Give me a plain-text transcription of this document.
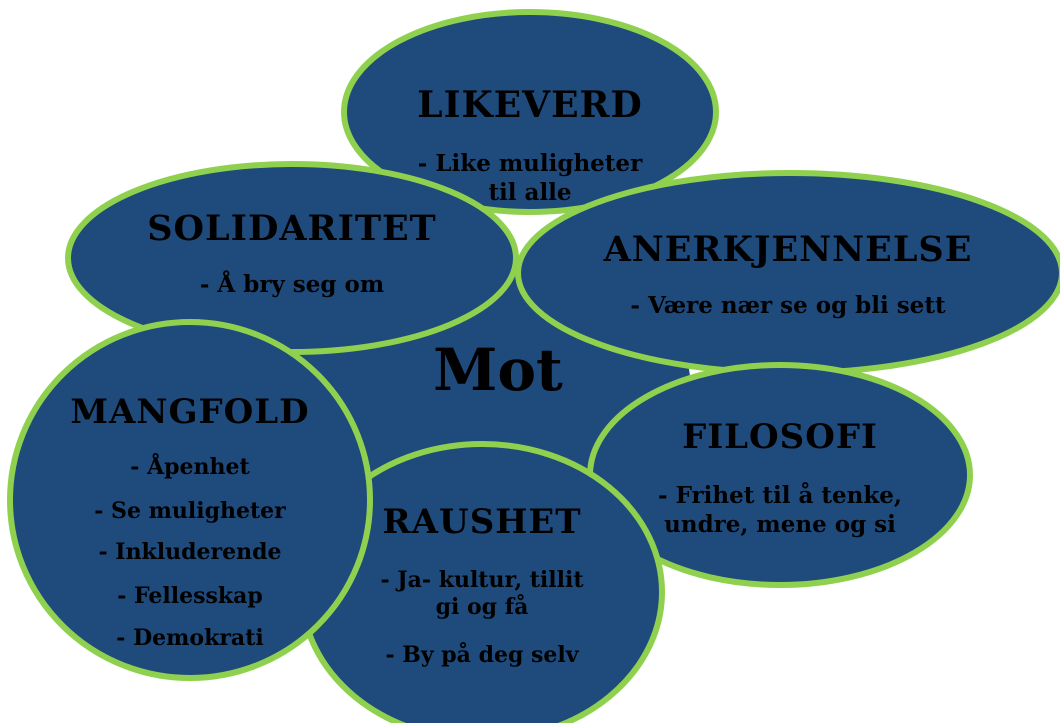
LIKEVERD
- Like muligheter
til alle
SOLIDARITET
- Å bry seg om
ANERKJENNELSE
- Være nær se og bli sett
Mot
FILOSOFI
- Frihet til å tenke,
undre, mene og si
RAUSHET
- Ja- kultur, tillit
gi og få
- By på deg selv
MANGFOLD
- Åpenhet
- Se muligheter
- Inkluderende
- Fellesskap
- Demokrati
